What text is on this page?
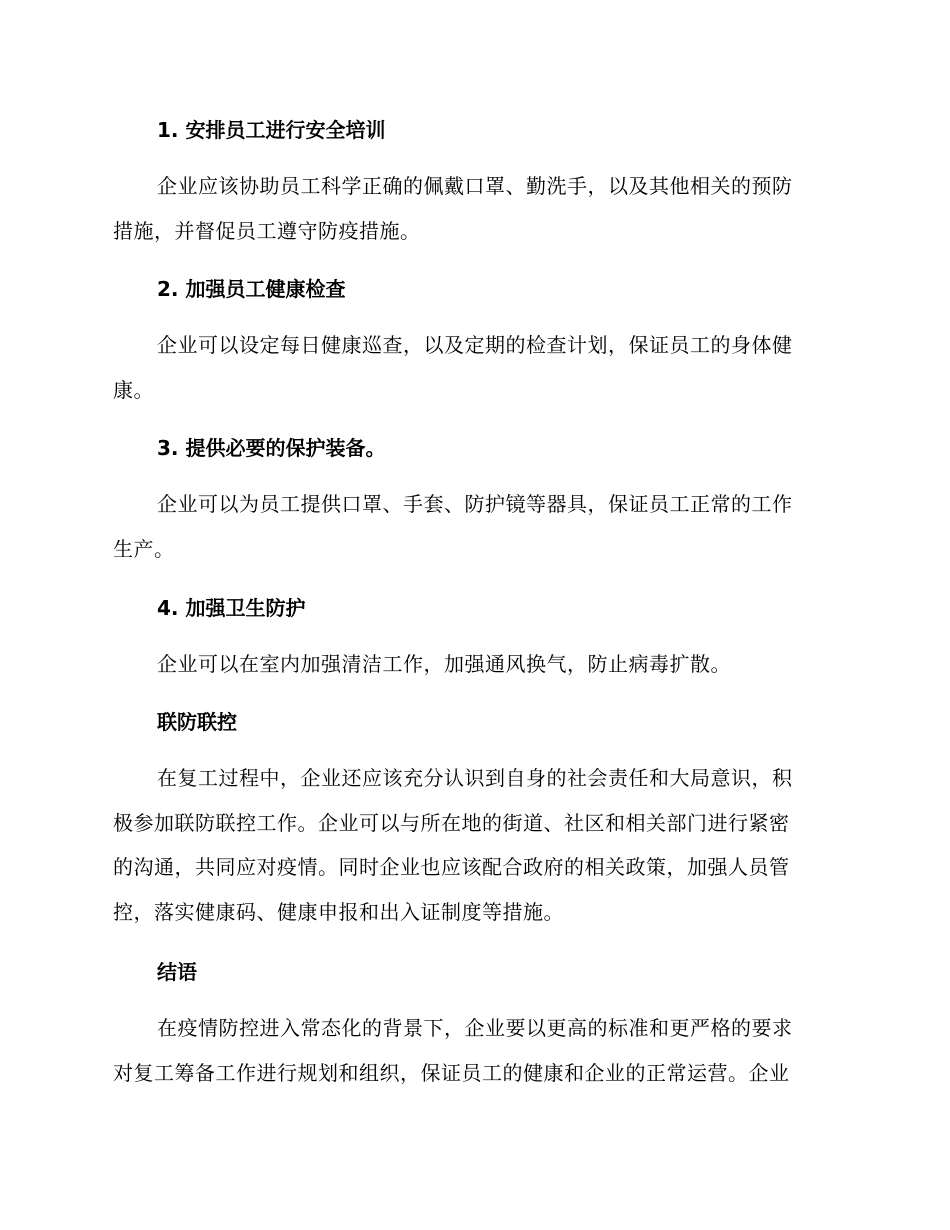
1. 安排员工进行安全培训
企业应该协助员工科学正确的佩戴口罩、勤洗手，以及其他相关的预防
措施，并督促员工遵守防疫措施。
2. 加强员工健康检查
企业可以设定每日健康巡查，以及定期的检查计划，保证员工的身体健
康。
3. 提供必要的保护装备。
企业可以为员工提供口罩、手套、防护镜等器具，保证员工正常的工作
生产。
4. 加强卫生防护
企业可以在室内加强清洁工作，加强通风换气，防止病毒扩散。
联防联控
在复工过程中，企业还应该充分认识到自身的社会责任和大局意识，积
极参加联防联控工作。企业可以与所在地的街道、社区和相关部门进行紧密
的沟通，共同应对疫情。同时企业也应该配合政府的相关政策，加强人员管
控，落实健康码、健康申报和出入证制度等措施。
结语
在疫情防控进入常态化的背景下，企业要以更高的标准和更严格的要求
对复工筹备工作进行规划和组织，保证员工的健康和企业的正常运营。企业
